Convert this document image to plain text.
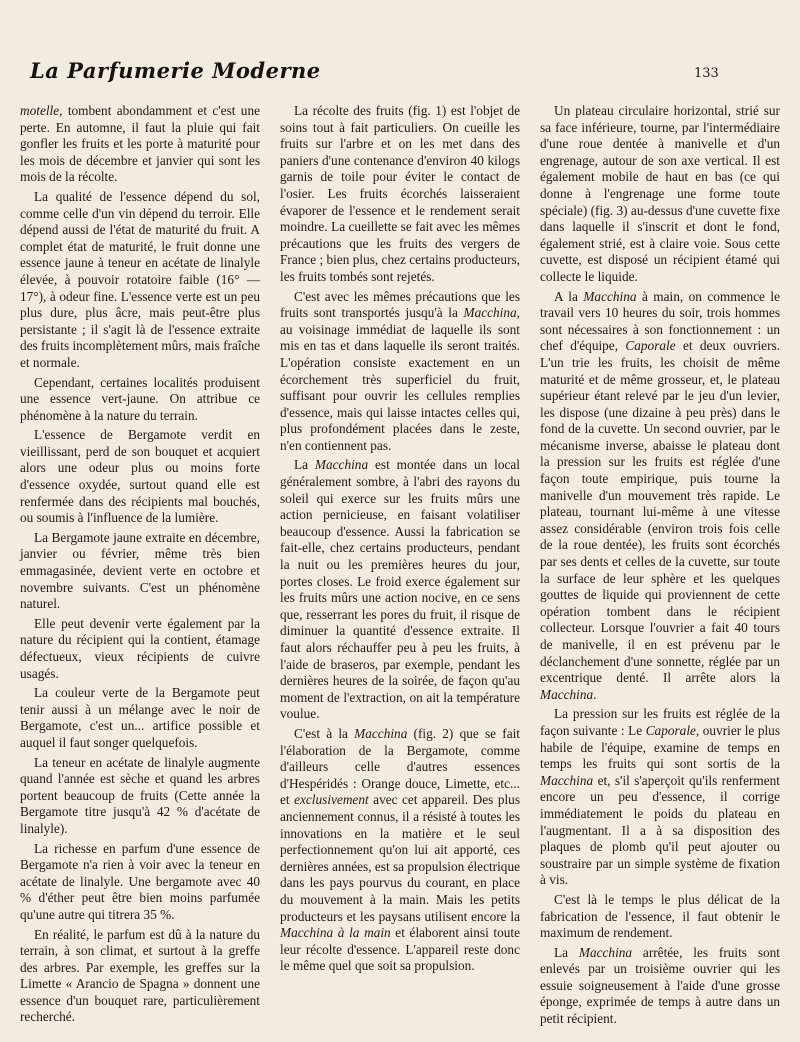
La Parfumerie Moderne	133

motelle, tombent abondamment et c'est une perte. En automne, il faut la pluie qui fait gonfler les fruits et les porte à maturité pour les mois de décembre et janvier qui sont les mois de la récolte.

La qualité de l'essence dépend du sol, comme celle d'un vin dépend du terroir. Elle dépend aussi de l'état de maturité du fruit. A complet état de maturité, le fruit donne une essence jaune à teneur en acétate de linalyle élevée, à pouvoir rotatoire faible (16° — 17°), à odeur fine. L'essence verte est un peu plus dure, plus âcre, mais peut-être plus persistante ; il s'agit là de l'essence extraite des fruits incomplètement mûrs, mais fraîche et normale.

Cependant, certaines localités produisent une essence vert-jaune. On attribue ce phénomène à la nature du terrain.

L'essence de Bergamote verdit en vieillissant, perd de son bouquet et acquiert alors une odeur plus ou moins forte d'essence oxydée, surtout quand elle est renfermée dans des récipients mal bouchés, ou soumis à l'influence de la lumière.

La Bergamote jaune extraite en décembre, janvier ou février, même très bien emmagasinée, devient verte en octobre et novembre suivants. C'est un phénomène naturel.

Elle peut devenir verte également par la nature du récipient qui la contient, étamage défectueux, vieux récipients de cuivre usagés.

La couleur verte de la Bergamote peut tenir aussi à un mélange avec le noir de Bergamote, c'est un... artifice possible et auquel il faut songer quelquefois.

La teneur en acétate de linalyle augmente quand l'année est sèche et quand les arbres portent beaucoup de fruits (Cette année la Bergamote titre jusqu'à 42 % d'acétate de linalyle).

La richesse en parfum d'une essence de Bergamote n'a rien à voir avec la teneur en acétate de linalyle. Une bergamote avec 40 % d'éther peut être bien moins parfumée qu'une autre qui titrera 35 %.

En réalité, le parfum est dû à la nature du terrain, à son climat, et surtout à la greffe des arbres. Par exemple, les greffes sur la Limette « Arancio de Spagna » donnent une essence d'un bouquet rare, particulièrement recherché.

La récolte des fruits (fig. 1) est l'objet de soins tout à fait particuliers. On cueille les fruits sur l'arbre et on les met dans des paniers d'une contenance d'environ 40 kilogs garnis de toile pour éviter le contact de l'osier. Les fruits écorchés laisseraient évaporer de l'essence et le rendement serait moindre. La cueillette se fait avec les mêmes précautions que les fruits des vergers de France ; bien plus, chez certains producteurs, les fruits tombés sont rejetés.

C'est avec les mêmes précautions que les fruits sont transportés jusqu'à la Macchina, au voisinage immédiat de laquelle ils sont mis en tas et dans laquelle ils seront traités. L'opération consiste exactement en un écorchement très superficiel du fruit, suffisant pour ouvrir les cellules remplies d'essence, mais qui laisse intactes celles qui, plus profondément placées dans le zeste, n'en contiennent pas.

La Macchina est montée dans un local généralement sombre, à l'abri des rayons du soleil qui exerce sur les fruits mûrs une action pernicieuse, en faisant volatiliser beaucoup d'essence. Aussi la fabrication se fait-elle, chez certains producteurs, pendant la nuit ou les premières heures du jour, portes closes. Le froid exerce également sur les fruits mûrs une action nocive, en ce sens que, resserrant les pores du fruit, il risque de diminuer la quantité d'essence extraite. Il faut alors réchauffer peu à peu les fruits, à l'aide de braseros, par exemple, pendant les dernières heures de la soirée, de façon qu'au moment de l'extraction, on ait la température voulue.

C'est à la Macchina (fig. 2) que se fait l'élaboration de la Bergamote, comme d'ailleurs celle d'autres essences d'Hespéridés : Orange douce, Limette, etc... et exclusivement avec cet appareil. Des plus anciennement connus, il a résisté à toutes les innovations en la matière et le seul perfectionnement qu'on lui ait apporté, ces dernières années, est sa propulsion électrique dans les pays pourvus du courant, en place du mouvement à la main. Mais les petits producteurs et les paysans utilisent encore la Macchina à la main et élaborent ainsi toute leur récolte d'essence. L'appareil reste donc le même quel que soit sa propulsion.

Un plateau circulaire horizontal, strié sur sa face inférieure, tourne, par l'intermédiaire d'une roue dentée à manivelle et d'un engrenage, autour de son axe vertical. Il est également mobile de haut en bas (ce qui donne à l'engrenage une forme toute spéciale) (fig. 3) au-dessus d'une cuvette fixe dans laquelle il s'inscrit et dont le fond, également strié, est à claire voie. Sous cette cuvette, est disposé un récipient étamé qui collecte le liquide.

A la Macchina à main, on commence le travail vers 10 heures du soir, trois hommes sont nécessaires à son fonctionnement : un chef d'équipe, Caporale et deux ouvriers. L'un trie les fruits, les choisit de même maturité et de même grosseur, et, le plateau supérieur étant relevé par le jeu d'un levier, les dispose (une dizaine à peu près) dans le fond de la cuvette. Un second ouvrier, par le mécanisme inverse, abaisse le plateau dont la pression sur les fruits est réglée d'une façon toute empirique, puis tourne la manivelle d'un mouvement très rapide. Le plateau, tournant lui-même à une vitesse assez considérable (environ trois fois celle de la roue dentée), les fruits sont écorchés par ses dents et celles de la cuvette, sur toute la surface de leur sphère et les quelques gouttes de liquide qui proviennent de cette opération tombent dans le récipient collecteur. Lorsque l'ouvrier a fait 40 tours de manivelle, il en est prévenu par le déclanchement d'une sonnette, réglée par un excentrique denté. Il arrête alors la Macchina.

La pression sur les fruits est réglée de la façon suivante : Le Caporale, ouvrier le plus habile de l'équipe, examine de temps en temps les fruits qui sont sortis de la Macchina et, s'il s'aperçoit qu'ils renferment encore un peu d'essence, il corrige immédiatement le poids du plateau en l'augmentant. Il a à sa disposition des plaques de plomb qu'il peut ajouter ou soustraire par un simple système de fixation à vis.

C'est là le temps le plus délicat de la fabrication de l'essence, il faut obtenir le maximum de rendement.

La Macchina arrêtée, les fruits sont enlevés par un troisième ouvrier qui les essuie soigneusement à l'aide d'une grosse éponge, exprimée de temps à autre dans un petit récipient.
